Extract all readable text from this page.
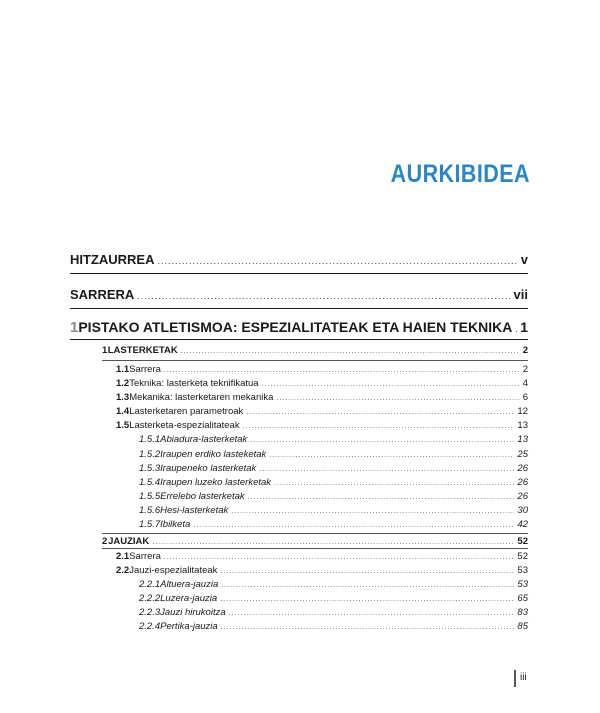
AURKIBIDEA
HITZAURREA .....	v
SARRERA .....	vii
1 PISTAKO ATLETISMOA: ESPEZIALITATEAK ETA HAIEN TEKNIKA ..... 1
1 LASTERKETAK .....	2
1.1 Sarrera .....	2
1.2 Teknika: lasterketa teknifikatua .....	4
1.3 Mekanika: lasterketaren mekanika .....	6
1.4 Lasterketaren parametroak .....	12
1.5 Lasterketa-espezialitateak .....	13
1.5.1 Abiadura-lasterketak .....	13
1.5.2 Iraupen erdiko lasteketak .....	25
1.5.3 Iraupeneko lasterketak .....	26
1.5.4 Iraupen luzeko lasterketak .....	26
1.5.5 Errelebo lasterketak .....	26
1.5.6 Hesi-lasterketak .....	30
1.5.7 Ibilketa .....	42
2 JAUZIAK .....	52
2.1 Sarrera .....	52
2.2 Jauzi-espezialitateak .....	53
2.2.1 Altuera-jauzia .....	53
2.2.2 Luzera-jauzia .....	65
2.2.3 Jauzi hirukoitza .....	83
2.2.4 Pertika-jauzia .....	85
iii
